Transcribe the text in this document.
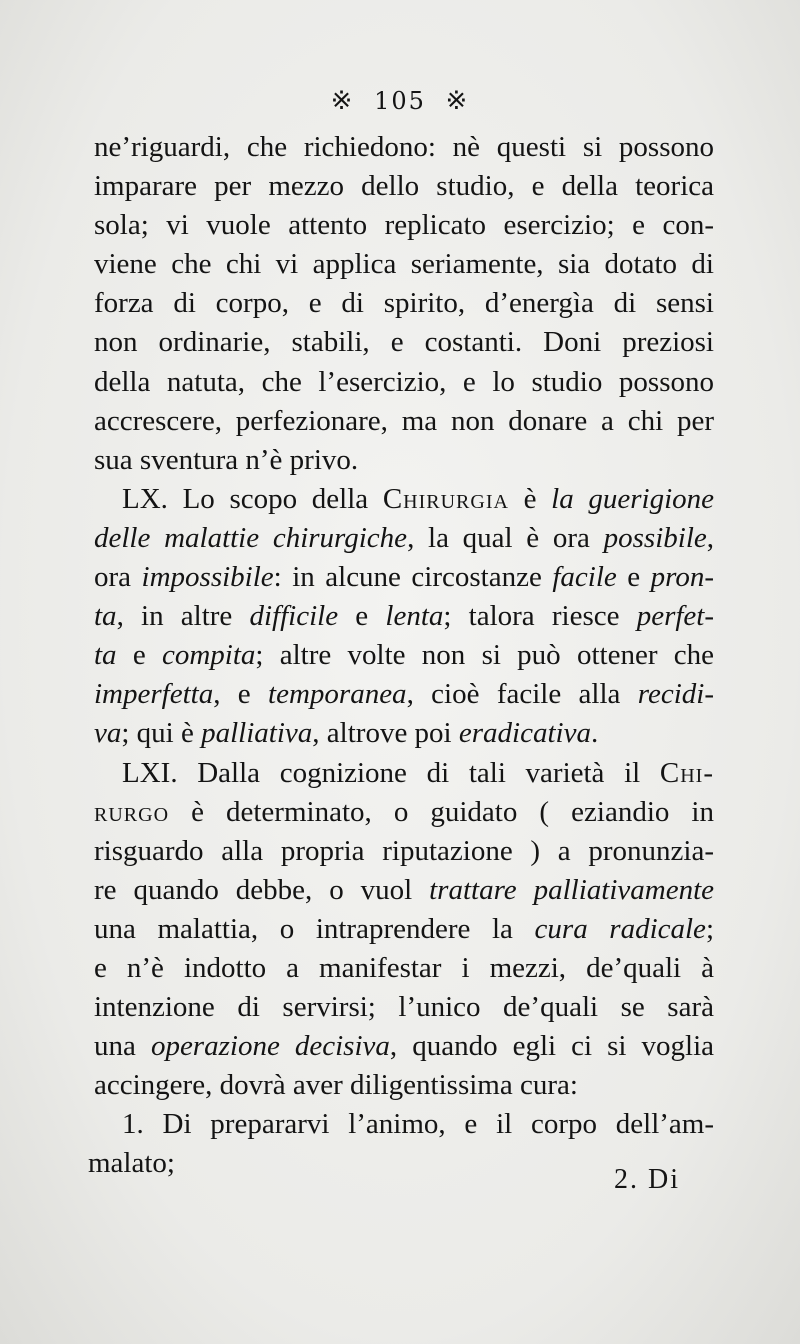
※ 105 ※
ne’riguardi, che richiedono: nè questi si possono
imparare per mezzo dello studio, e della teorica
sola; vi vuole attento replicato esercizio; e con-
viene che chi vi applica seriamente, sia dotato di
forza di corpo, e di spirito, d’energìa di sensi
non ordinarie, stabili, e costanti. Doni preziosi
della natuta, che l’esercizio, e lo studio possono
accrescere, perfezionare, ma non donare a chi per
sua sventura n’è privo.
LX. Lo scopo della Chirurgia è la guerigione
delle malattie chirurgiche, la qual è ora possibile,
ora impossibile: in alcune circostanze facile e pron-
ta, in altre difficile e lenta; talora riesce perfet-
ta e compita; altre volte non si può ottener che
imperfetta, e temporanea, cioè facile alla recidi-
va; qui è palliativa, altrove poi eradicativa.
LXI. Dalla cognizione di tali varietà il Chi-
rurgo è determinato, o guidato ( eziandio in
risguardo alla propria riputazione ) a pronunzia-
re quando debbe, o vuol trattare palliativamente
una malattia, o intraprendere la cura radicale;
e n’è indotto a manifestar i mezzi, de’quali à
intenzione di servirsi; l’unico de’quali se sarà
una operazione decisiva, quando egli ci si voglia
accingere, dovrà aver diligentissima cura:
1. Di prepararvi l’animo, e il corpo dell’am-
malato;
2. Di
